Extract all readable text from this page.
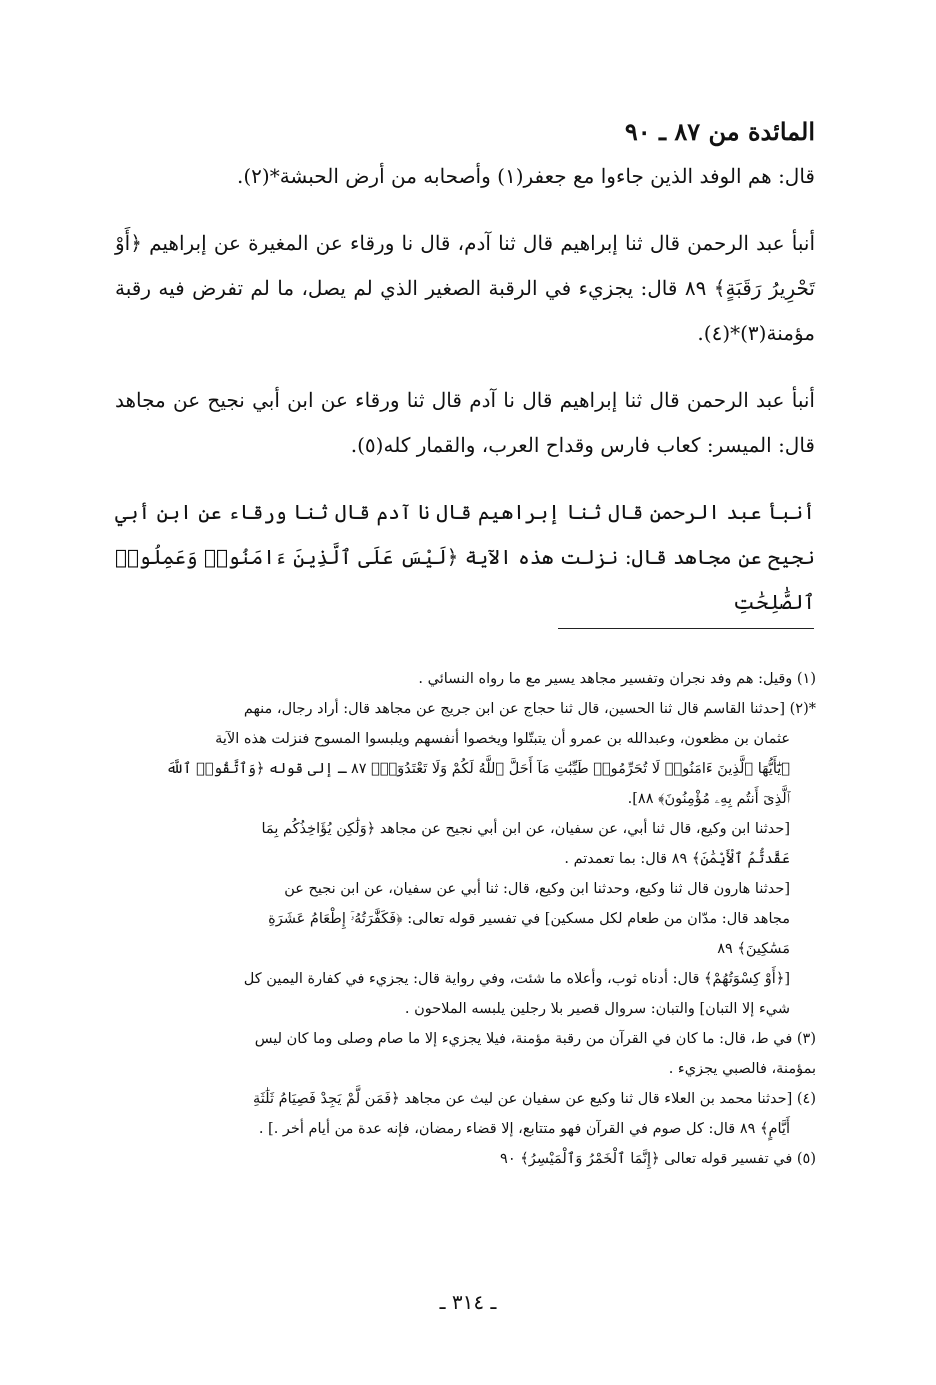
المائدة من ٨٧ ـ ٩٠

قال: هم الوفد الذين جاءوا مع جعفر(١) وأصحابه من أرض الحبشة*(٢).

أنبأ عبد الرحمن قال ثنا إبراهيم قال ثنا آدم، قال نا ورقاء عن المغيرة عن إبراهيم ﴿أَوْ تَحْرِيرُ رَقَبَةٍ﴾ ٨٩ قال: يجزيء في الرقبة الصغير الذي لم يصل، ما لم تفرض فيه رقبة مؤمنة(٣)*(٤).

أنبأ عبد الرحمن قال ثنا إبراهيم قال نا آدم قال ثنا ورقاء عن ابن أبي نجيح عن مجاهد قال: الميسر: كعاب فارس وقداح العرب، والقمار كله(٥).

أنبأ عبد الرحمن قال ثنا إبراهيم قال نا آدم قال ثنا ورقاء عن ابن أبي نجيح عن مجاهد قال: نزلت هذه الآية ﴿لَيْسَ عَلَى ٱلَّذِينَ ءَامَنُوا۟ وَعَمِلُوا۟ ٱلصَّٰلِحَٰتِ

(١) وقيل: هم وفد نجران وتفسير مجاهد يسير مع ما رواه النسائي .

*(٢) [حدثنا القاسم قال ثنا الحسين، قال ثنا حجاج عن ابن جريج عن مجاهد قال: أراد رجال، منهم
عثمان بن مظعون، وعبدالله بن عمرو أن يتبتّلوا ويخصوا أنفسهم ويلبسوا المسوح فنزلت هذه الآية
﴿يَٰٓأَيُّهَا ٱلَّذِينَ ءَامَنُوا۟ لَا تُحَرِّمُوا۟ طَيِّبَٰتِ مَآ أَحَلَّ ٱللَّهُ لَكُمْ وَلَا تَعْتَدُوٓا۟﴾ ٨٧ ـ إلى قوله ﴿وَٱتَّقُوا۟ ٱللَّهَ
ٱلَّذِىٓ أَنتُم بِهِۦ مُؤْمِنُونَ﴾ ٨٨].
[حدثنا ابن وكيع، قال ثنا أبي، عن سفيان، عن ابن أبي نجيح عن مجاهد ﴿وَلَٰكِن يُؤَاخِذُكُم بِمَا
عَقَّدتُّمُ ٱلْأَيْمَٰنَ﴾ ٨٩ قال: بما تعمدتم .
[حدثنا هارون قال ثنا وكيع، وحدثنا ابن وكيع، قال: ثنا أبي عن سفيان، عن ابن نجيح عن
مجاهد قال: مدّان من طعام لكل مسكين] في تفسير قوله تعالى: ﴿فَكَفَّٰرَتُهُۥٓ إِطْعَامُ عَشَرَةِ
مَسَٰكِينَ﴾ ٨٩
[﴿أَوْ كِسْوَتُهُمْ﴾ قال: أدناه ثوب، وأعلاه ما شئت، وفي رواية قال: يجزيء في كفارة اليمين كل
شيء إلا التبان] والتبان: سروال قصير بلا رجلين يلبسه الملاحون .

(٣) في ط، قال: ما كان في القرآن من رقبة مؤمنة، فيلا يجزيء إلا ما صام وصلى وما كان ليس
بمؤمنة، فالصبي يجزيء .

(٤) [حدثنا محمد بن العلاء قال ثنا وكيع عن سفيان عن ليث عن مجاهد ﴿فَمَن لَّمْ يَجِدْ فَصِيَامُ ثَلَٰثَةِ
أَيَّامٍ﴾ ٨٩ قال: كل صوم في القرآن فهو متتابع، إلا قضاء رمضان، فإنه عدة من أيام أخر .] .

(٥) في تفسير قوله تعالى ﴿إِنَّمَا ٱلْخَمْرُ وَٱلْمَيْسِرُ﴾ ٩٠

ـ ٣١٤ ـ
